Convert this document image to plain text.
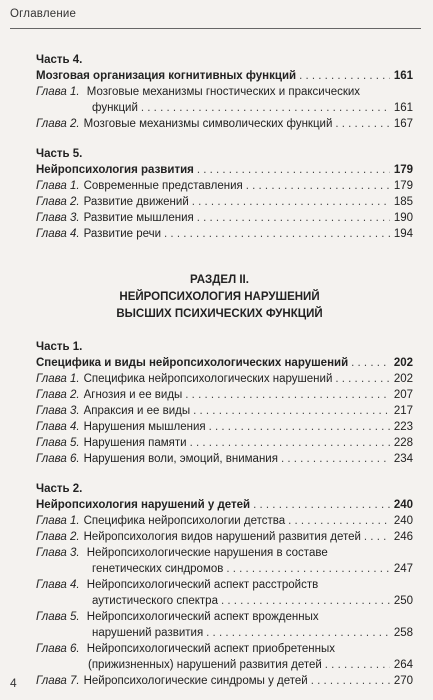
Оглавление
Часть 4.
Мозговая организация когнитивных функций . . .	161
Глава 1. Мозговые механизмы гностических и праксических
функций . . .	161
Глава 2. Мозговые механизмы символических функций . . .	167
Часть 5.
Нейропсихология развития . . .	179
Глава 1. Современные представления . . .	179
Глава 2. Развитие движений . . .	185
Глава 3. Развитие мышления . . .	190
Глава 4. Развитие речи . . .	194
РАЗДЕЛ II.
НЕЙРОПСИХОЛОГИЯ НАРУШЕНИЙ
ВЫСШИХ ПСИХИЧЕСКИХ ФУНКЦИЙ
Часть 1.
Специфика и виды нейропсихологических нарушений . . .	202
Глава 1. Специфика нейропсихологических нарушений . . .	202
Глава 2. Агнозия и ее виды . . .	207
Глава 3. Апраксия и ее виды . . .	217
Глава 4. Нарушения мышления . . .	223
Глава 5. Нарушения памяти . . .	228
Глава 6. Нарушения воли, эмоций, внимания . . .	234
Часть 2.
Нейропсихология нарушений у детей . . .	240
Глава 1. Специфика нейропсихологии детства . . .	240
Глава 2. Нейропсихология видов нарушений развития детей . . .	246
Глава 3. Нейропсихологические нарушения в составе
генетических синдромов . . .	247
Глава 4. Нейропсихологический аспект расстройств
аутистического спектра . . .	250
Глава 5. Нейропсихологический аспект врожденных
нарушений развития . . .	258
Глава 6. Нейропсихологический аспект приобретенных
(прижизненных) нарушений развития детей . . .	264
Глава 7. Нейропсихологические синдромы у детей . . .	270
4
